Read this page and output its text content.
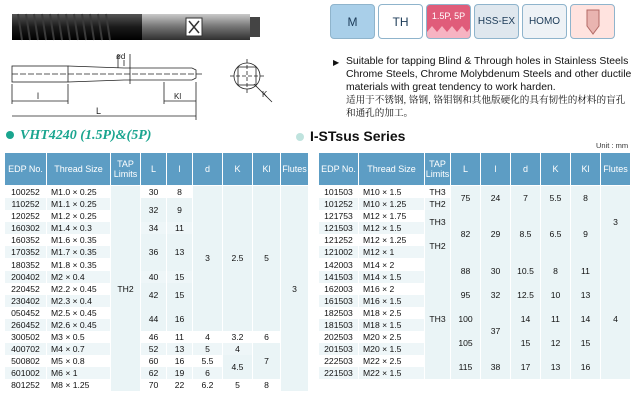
ød
l
L
Kl	K
M	TH	1.5P, 5P HSS-EX HOMO
▶ Suitable for tapping Blind & Through holes in Stainless Steels Chrome Steels, Chrome Molybdenum Steels and other ductile materials with great tendency to work harden.
适用于不锈钢, 铬钢, 铬钼钢和其他版硬化的具有韧性的材料的盲孔和通孔的加工。
VHT4240 (1.5P)&(5P)	I-STsus Series
Unit : mm
EDP No.	Thread Size	TAP Limits	L	l	d	K	Kl	Flutes
100252	M1.0 × 0.25	TH2	30	8	3	2.5	5	3
110252	M1.1 × 0.25		32	9				
120252	M1.2 × 0.25							
160302	M1.4 × 0.3		34	11				
160352	M1.6 × 0.35		36	13				
170352	M1.7 × 0.35							
180352	M1.8 × 0.35							
200402	M2 × 0.4		40	15				
220452	M2.2 × 0.45		42	15				
230402	M2.3 × 0.4							
050452	M2.5 × 0.45		44	16				
260452	M2.6 × 0.45							
300502	M3 × 0.5		46	11	4	3.2	6	
400702	M4 × 0.7		52	13	5	4	7	
500802	M5 × 0.8		60	16	5.5	4.5		
601002	M6 × 1		62	19	6			
801252	M8 × 1.25		70	22	6.2	5	8	
EDP No.	Thread Size	TAP Limits	L	l	d	K	Kl	Flutes
101503	M10 × 1.5	TH3	75	24	7	5.5	8	3
101252	M10 × 1.25	TH2						
121753	M12 × 1.75	TH3	82	29	8.5	6.5	9	
121503	M12 × 1.5							
121252	M12 × 1.25	TH2						
121002	M12 × 1							
142003	M14 × 2	TH3	88	30	10.5	8	11	4
141503	M14 × 1.5							
162003	M16 × 2		95	32	12.5	10	13	
161503	M16 × 1.5							
182503	M18 × 2.5		100	37	14	11	14	
181503	M18 × 1.5							
202503	M20 × 2.5		105		15	12	15	
201503	M20 × 1.5							
222503	M22 × 2.5		115	38	17	13	16	
221503	M22 × 1.5							
